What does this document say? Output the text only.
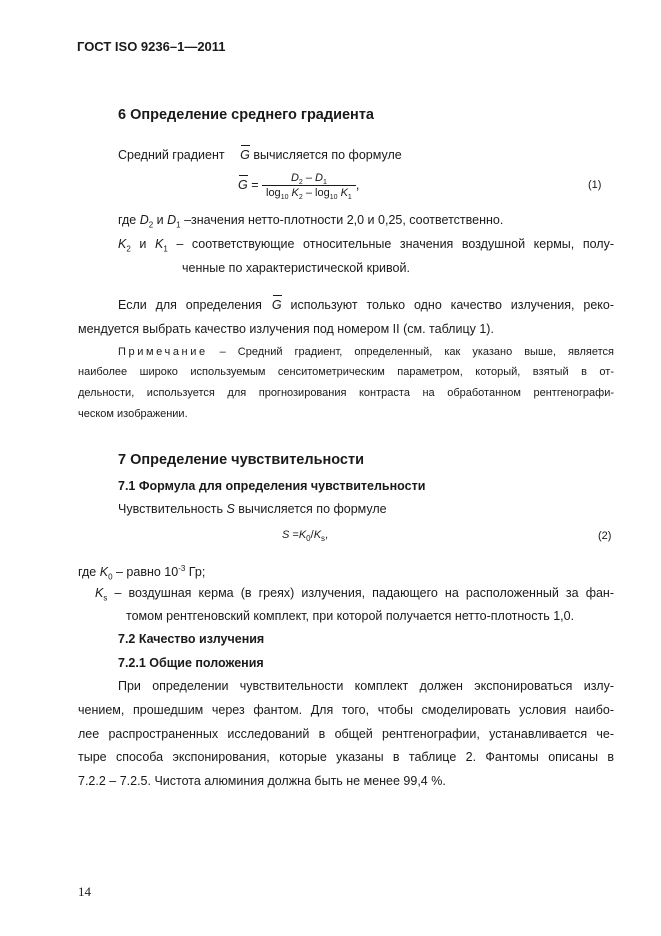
ГОСТ ISO 9236–1—2011
6 Определение среднего градиента
Средний градиент G вычисляется по формуле
$G = \frac{D_2 - D_1}{\log_{10} K_2 - \log_{10} K_1}$ ,	(1)
где $D_2$ и $D_1$ –значения нетто-плотности 2,0 и 0,25, соответственно.
$K_2$ и $K_1$ – соответствующие относительные значения воздушной кермы, полу-
ченные по характеристической кривой.
Если для определения G используют только одно качество излучения, реко-
мендуется выбрать качество излучения под номером II (см. таблицу 1).
Примечание – Средний градиент, определенный, как указано выше, является
наиболее широко используемым сенситометрическим параметром, который, взятый в от-
дельности, используется для прогнозирования контраста на обработанном рентгенографи-
ческом изображении.
7 Определение чувствительности
7.1 Формула для определения чувствительности
Чувствительность S вычисляется по формуле
$S =K_0/K_s$,	(2)
где $K_0$ – равно $10^{-3}$ Гр;
$K_s$ – воздушная керма (в греях) излучения, падающего на расположенный за фан-
томом рентгеновский комплект, при которой получается нетто-плотность 1,0.
7.2 Качество излучения
7.2.1 Общие положения
При определении чувствительности комплект должен экспонироваться излу-
чением, прошедшим через фантом. Для того, чтобы смоделировать условия наибо-
лее распространенных исследований в общей рентгенографии, устанавливается че-
тыре способа экспонирования, которые указаны в таблице 2. Фантомы описаны в
7.2.2 – 7.2.5. Чистота алюминия должна быть не менее 99,4 %.
14
